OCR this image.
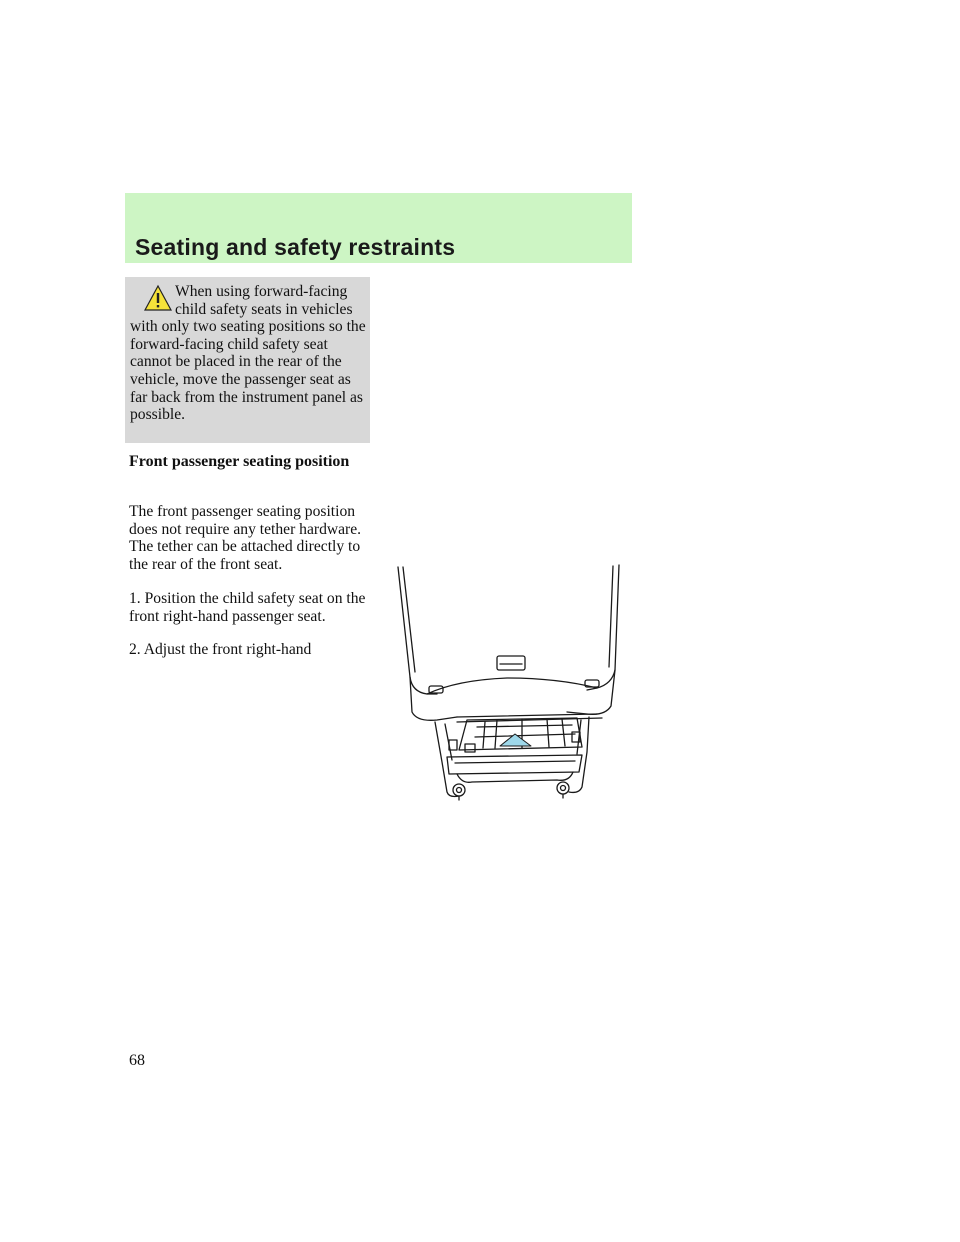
Seating and safety restraints

When using forward-facing child safety seats in vehicles with only two seating positions so the forward-facing child safety seat cannot be placed in the rear of the vehicle, move the passenger seat as far back from the instrument panel as possible.

Front passenger seating position

The front passenger seating position does not require any tether hardware. The tether can be attached directly to the rear of the front seat.

1. Position the child safety seat on the front right-hand passenger seat.

2. Adjust the front right-hand

68
